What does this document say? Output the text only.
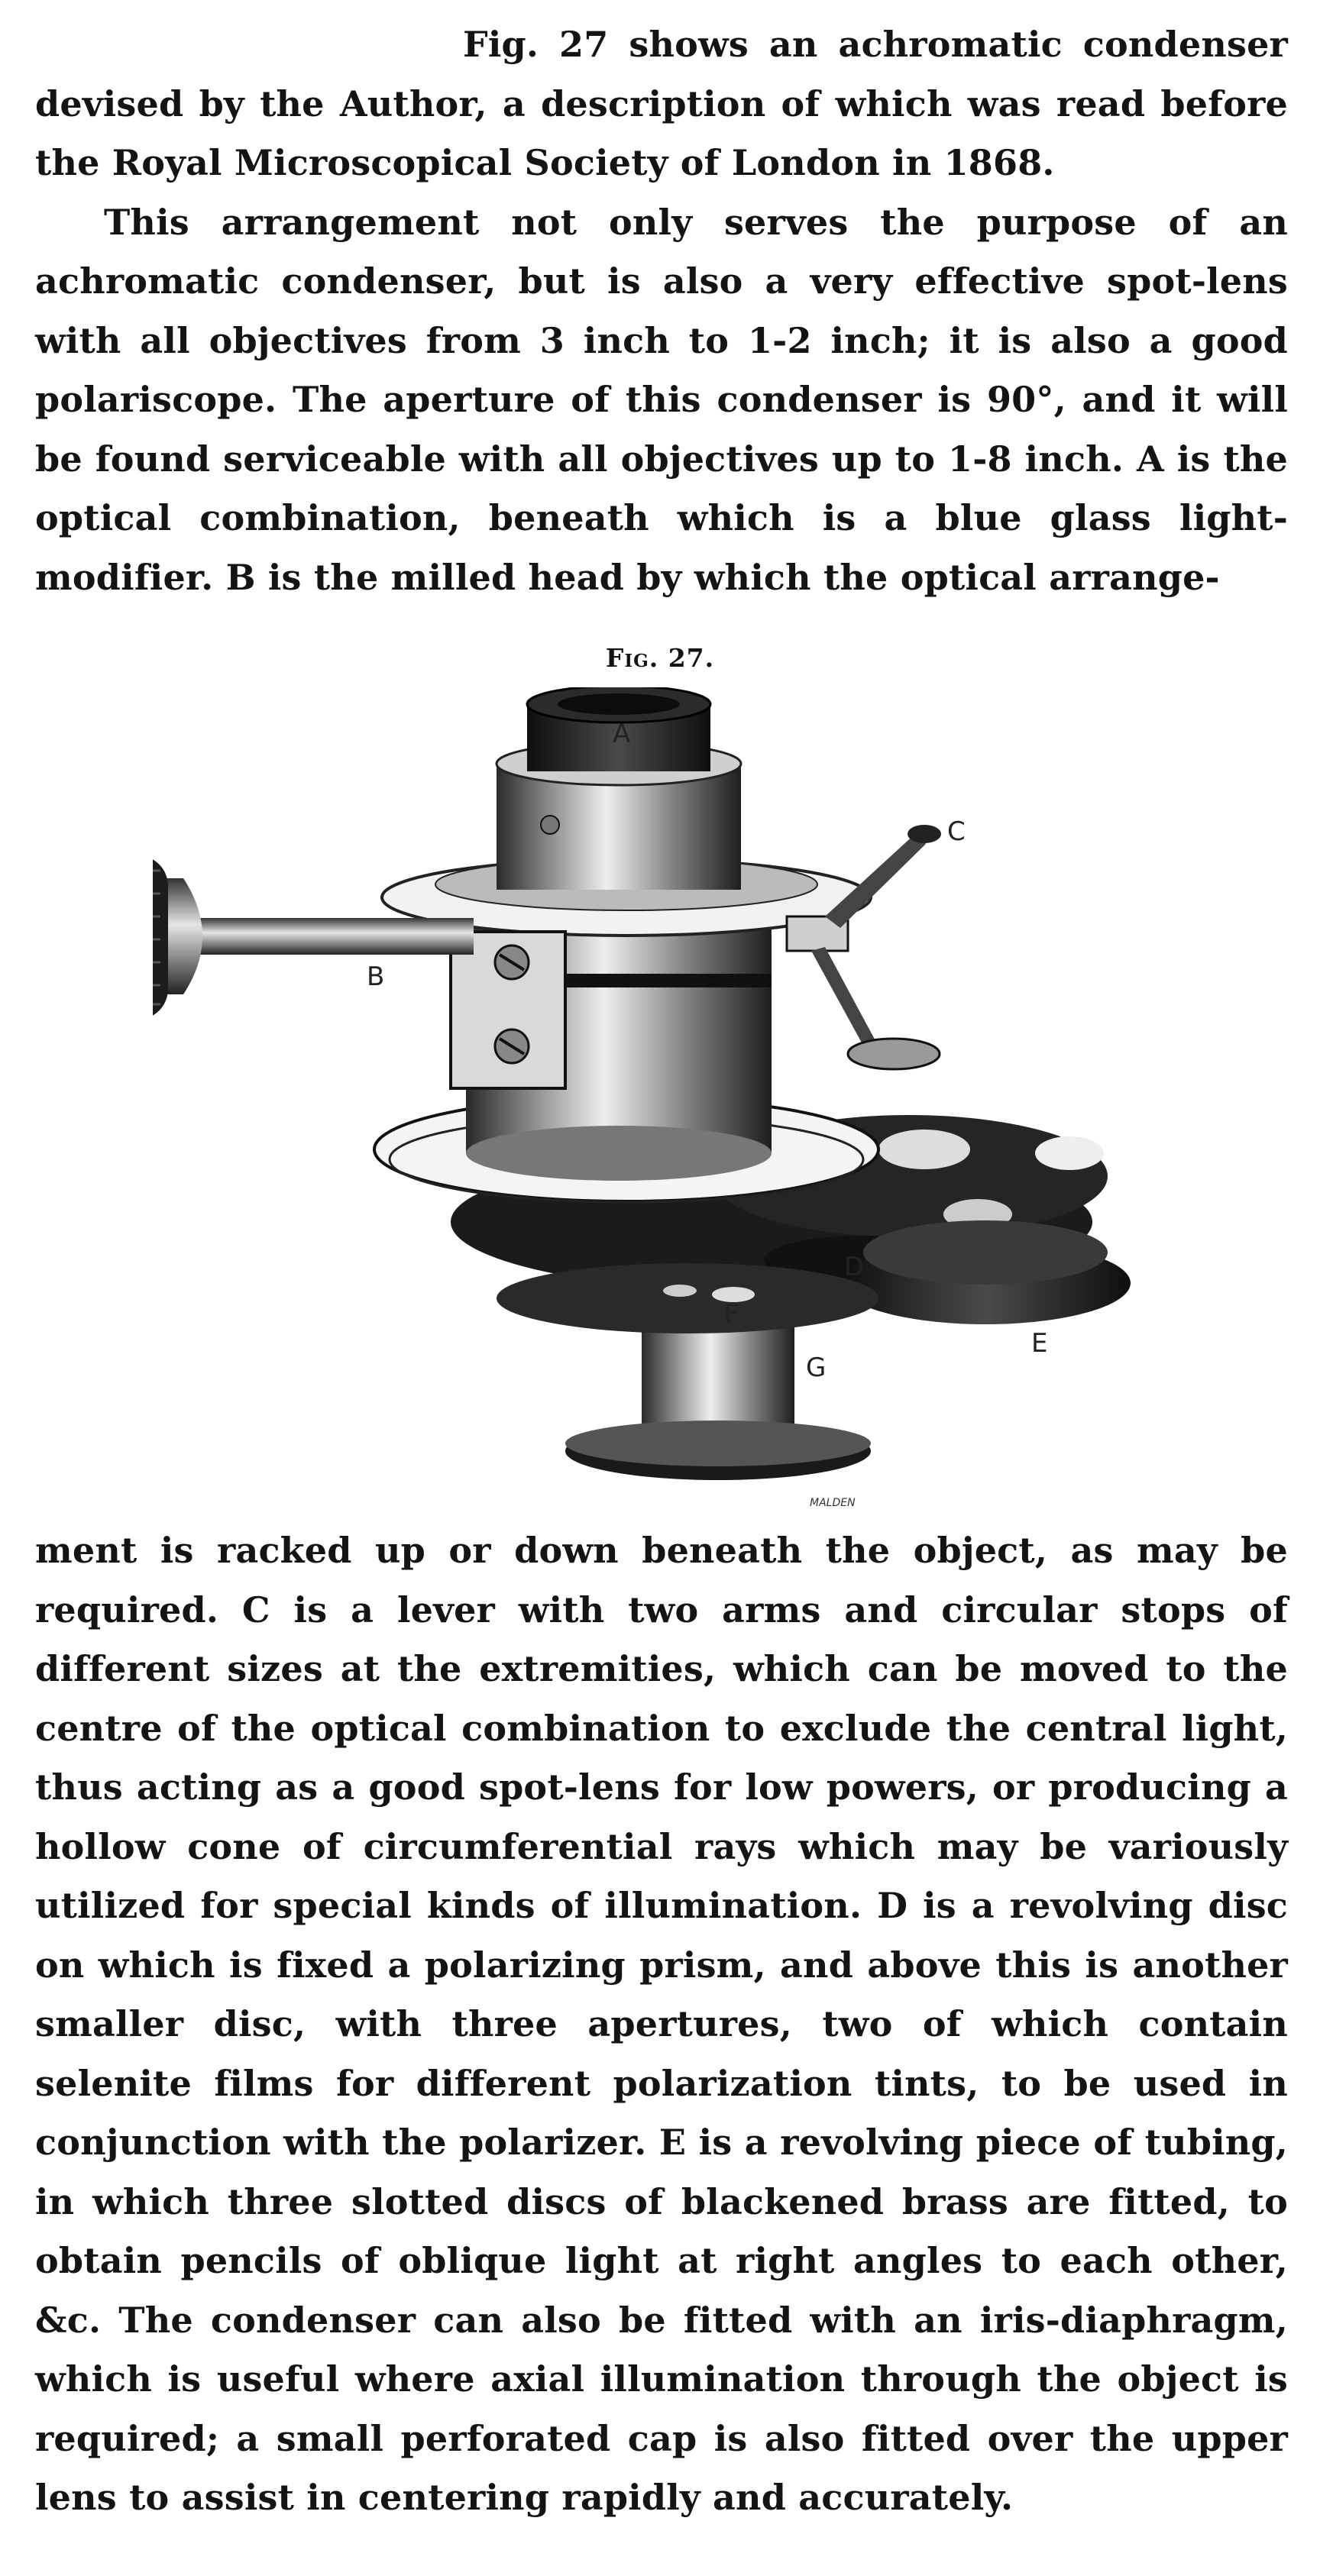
Fig. 27 shows an achromatic condenser devised by the Author, a description of which was read before the Royal Microscopical Society of London in 1868.

This arrangement not only serves the purpose of an achromatic condenser, but is also a very effective spot-lens with all objectives from 3 inch to 1-2 inch; it is also a good polariscope. The aperture of this condenser is 90°, and it will be found serviceable with all objectives up to 1-8 inch. A is the optical combination, beneath which is a blue glass light-modifier. B is the milled head by which the optical arrange-

Fig. 27.
A
B
C
D
E
F
G
MALDEN

ment is racked up or down beneath the object, as may be required. C is a lever with two arms and circular stops of different sizes at the extremities, which can be moved to the centre of the optical combination to exclude the central light, thus acting as a good spot-lens for low powers, or producing a hollow cone of circumferential rays which may be variously utilized for special kinds of illumination. D is a revolving disc on which is fixed a polarizing prism, and above this is another smaller disc, with three apertures, two of which contain selenite films for different polarization tints, to be used in conjunction with the polarizer. E is a revolving piece of tubing, in which three slotted discs of blackened brass are fitted, to obtain pencils of oblique light at right angles to each other, &c. The condenser can also be fitted with an iris-diaphragm, which is useful where axial illumination through the object is required; a small perforated cap is also fitted over the upper lens to assist in centering rapidly and accurately.
